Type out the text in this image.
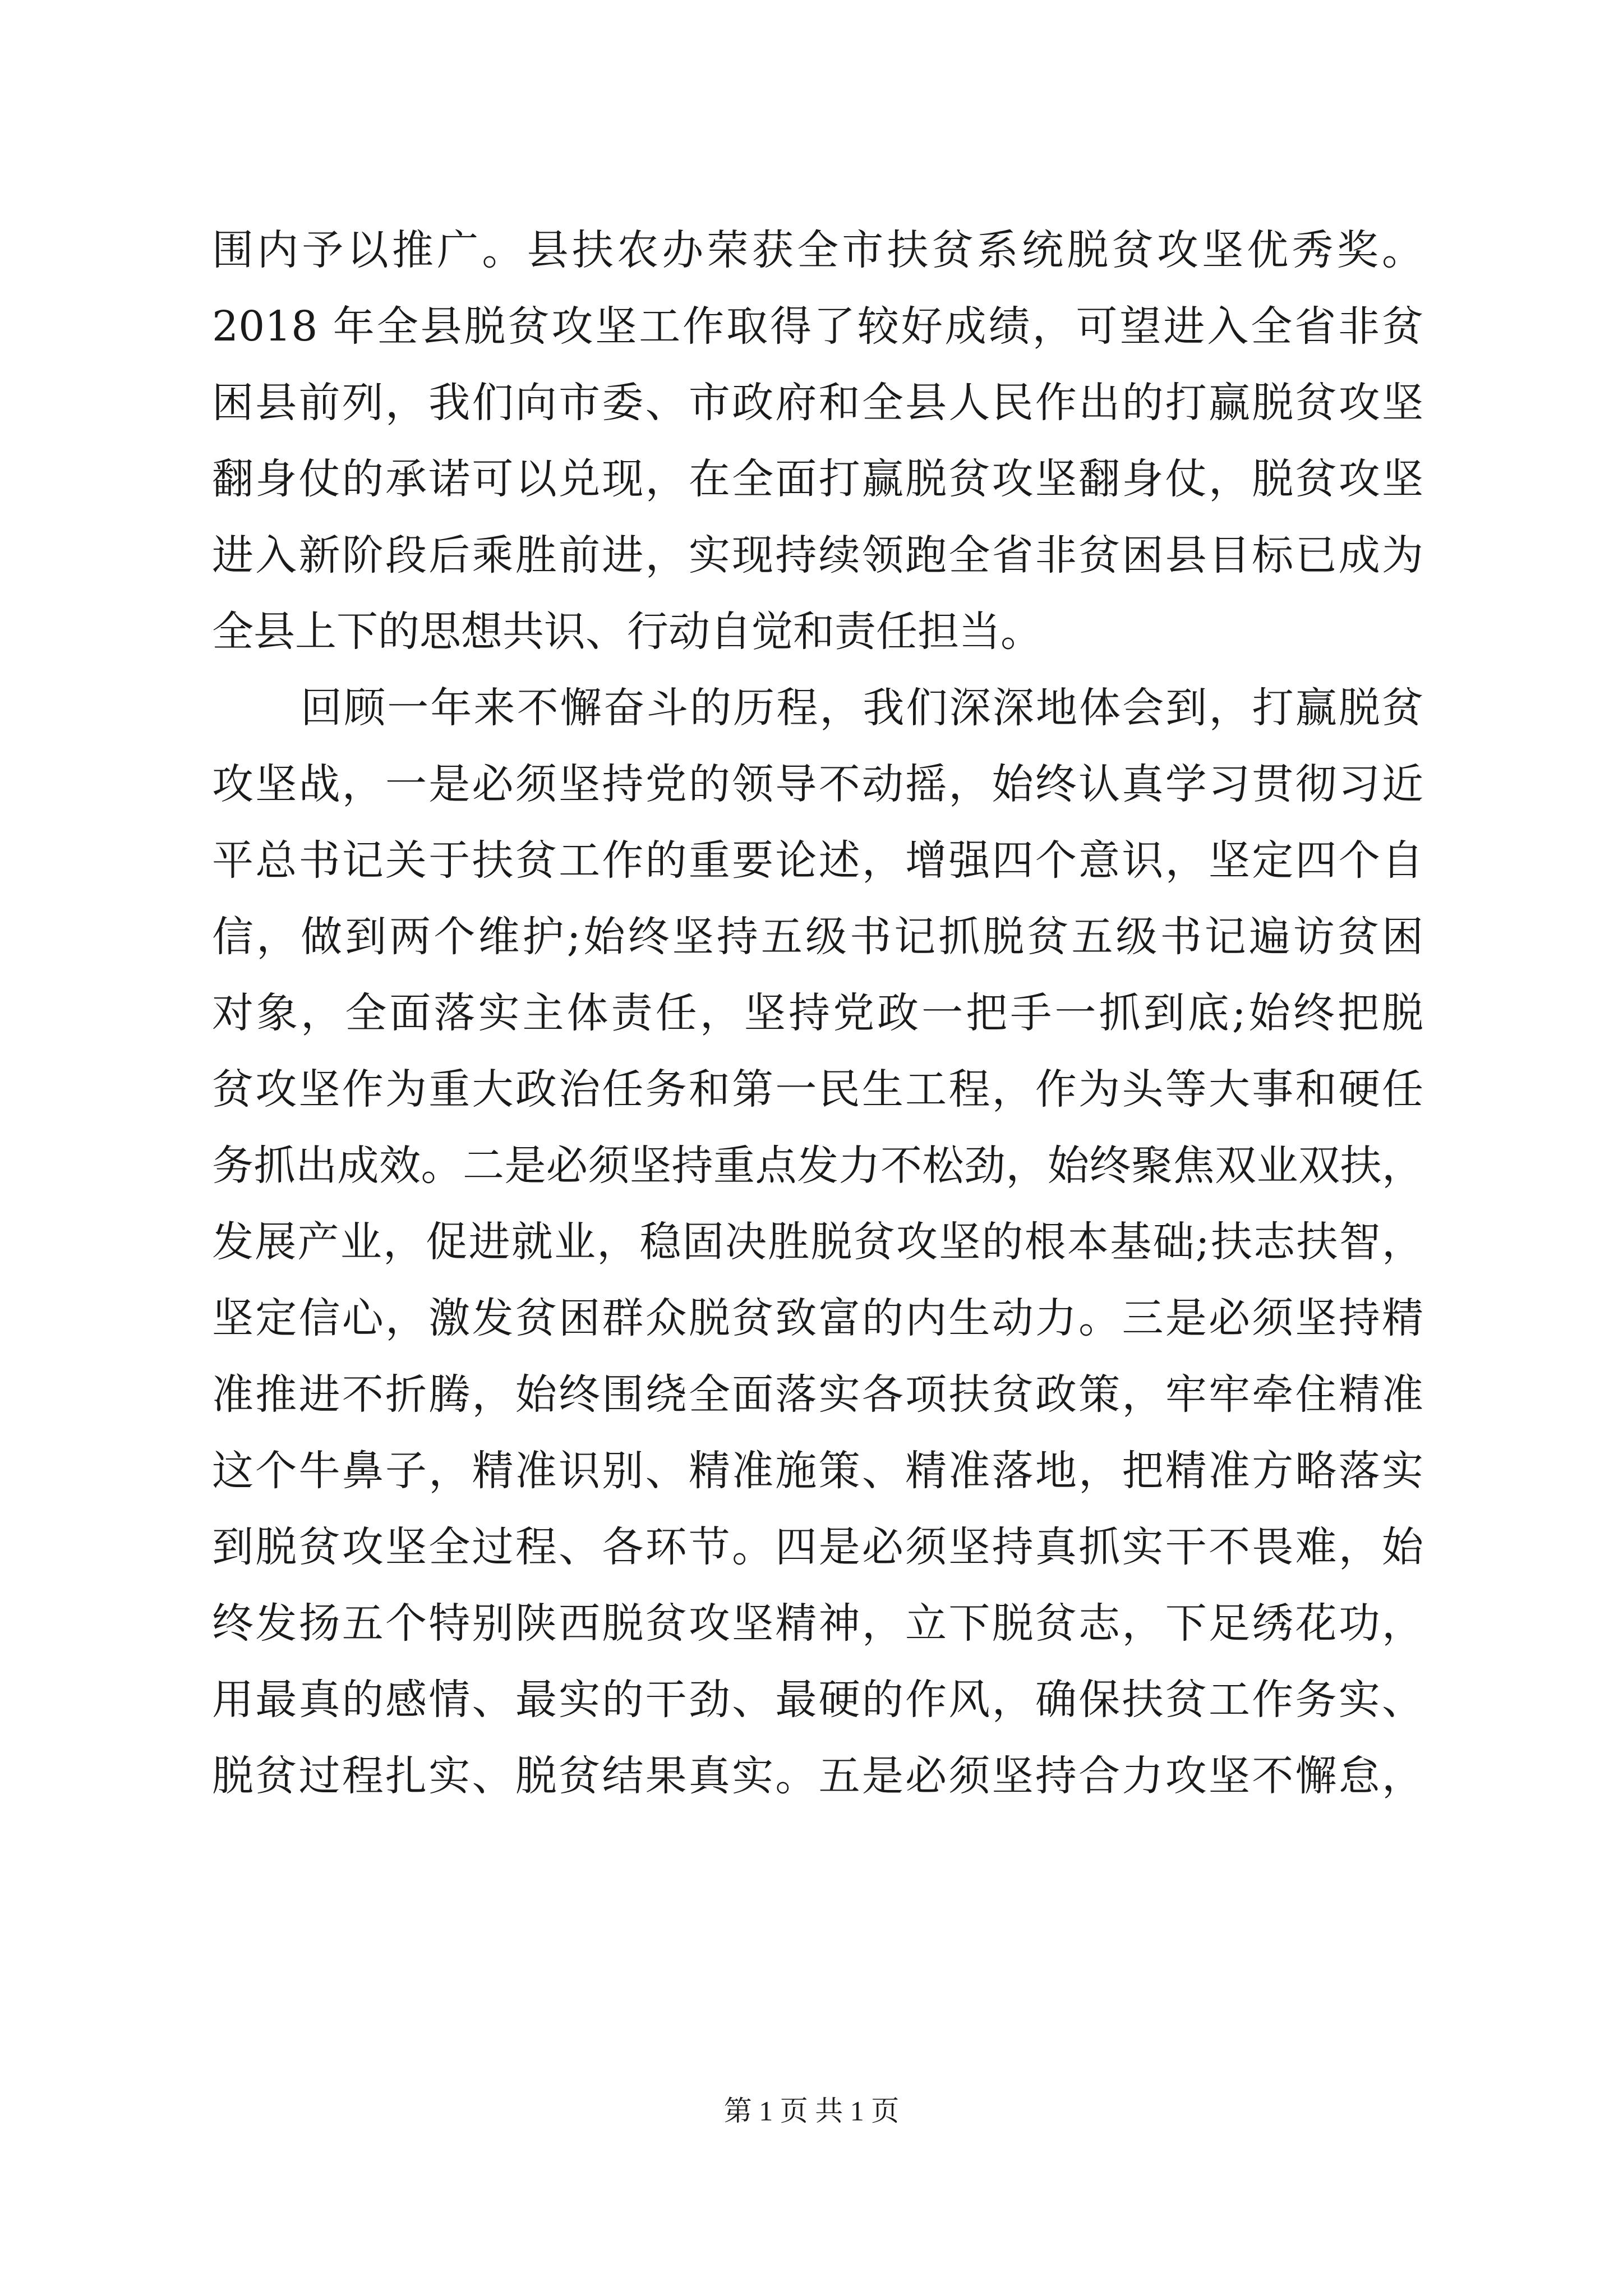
围内予以推广。县扶农办荣获全市扶贫系统脱贫攻坚优秀奖。
2018 年全县脱贫攻坚工作取得了较好成绩，可望进入全省非贫
困县前列，我们向市委、市政府和全县人民作出的打赢脱贫攻坚
翻身仗的承诺可以兑现，在全面打赢脱贫攻坚翻身仗，脱贫攻坚
进入新阶段后乘胜前进，实现持续领跑全省非贫困县目标已成为
全县上下的思想共识、行动自觉和责任担当。
回顾一年来不懈奋斗的历程，我们深深地体会到，打赢脱贫
攻坚战，一是必须坚持党的领导不动摇，始终认真学习贯彻习近
平总书记关于扶贫工作的重要论述，增强四个意识，坚定四个自
信，做到两个维护;始终坚持五级书记抓脱贫五级书记遍访贫困
对象，全面落实主体责任，坚持党政一把手一抓到底;始终把脱
贫攻坚作为重大政治任务和第一民生工程，作为头等大事和硬任
务抓出成效。二是必须坚持重点发力不松劲，始终聚焦双业双扶，
发展产业，促进就业，稳固决胜脱贫攻坚的根本基础;扶志扶智，
坚定信心，激发贫困群众脱贫致富的内生动力。三是必须坚持精
准推进不折腾，始终围绕全面落实各项扶贫政策，牢牢牵住精准
这个牛鼻子，精准识别、精准施策、精准落地，把精准方略落实
到脱贫攻坚全过程、各环节。四是必须坚持真抓实干不畏难，始
终发扬五个特别陕西脱贫攻坚精神，立下脱贫志，下足绣花功，
用最真的感情、最实的干劲、最硬的作风，确保扶贫工作务实、
脱贫过程扎实、脱贫结果真实。五是必须坚持合力攻坚不懈怠，
第 1 页 共 1 页
